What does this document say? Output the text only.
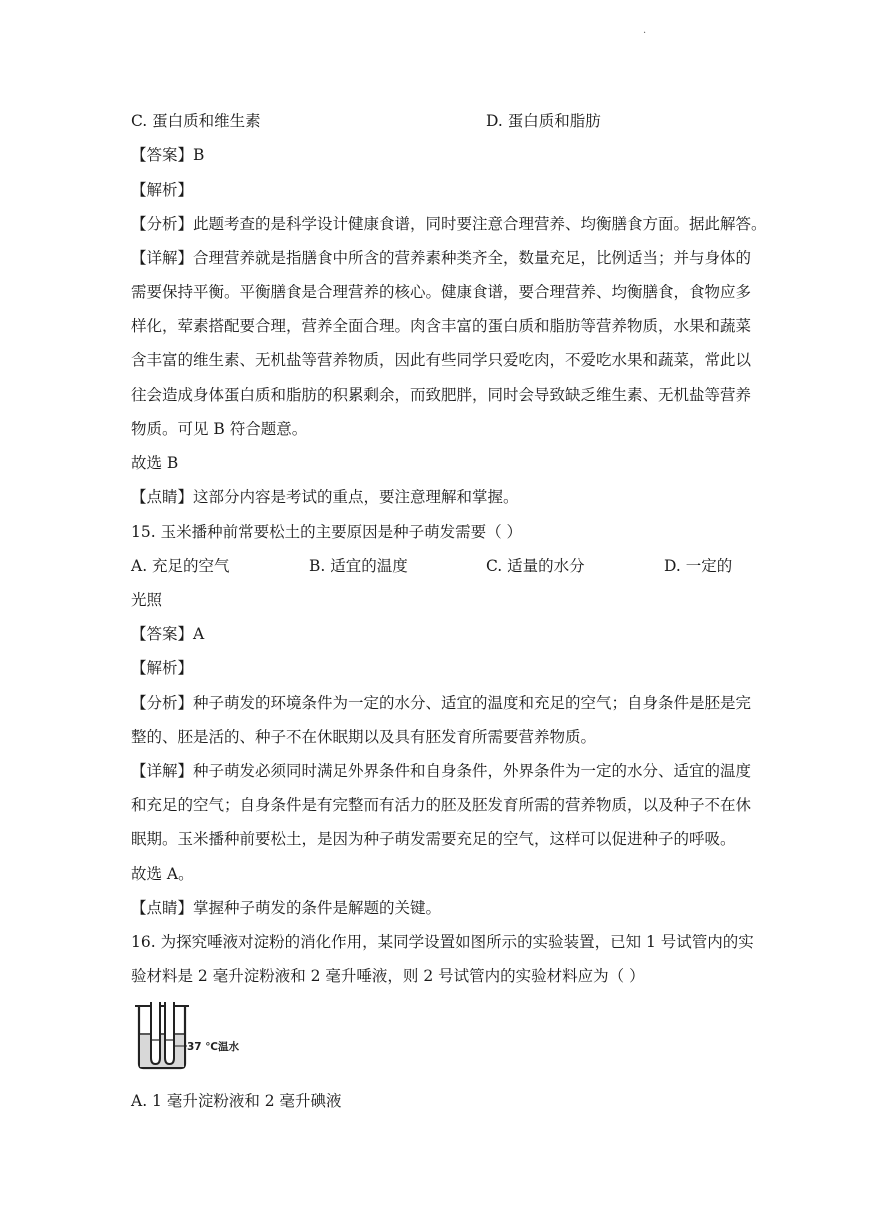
·
C. 蛋白质和维生素	D. 蛋白质和脂肪
【答案】B
【解析】
【分析】此题考查的是科学设计健康食谱，同时要注意合理营养、均衡膳食方面。据此解答。
【详解】合理营养就是指膳食中所含的营养素种类齐全，数量充足，比例适当；并与身体的
需要保持平衡。平衡膳食是合理营养的核心。健康食谱，要合理营养、均衡膳食，食物应多
样化，荤素搭配要合理，营养全面合理。肉含丰富的蛋白质和脂肪等营养物质，水果和蔬菜
含丰富的维生素、无机盐等营养物质，因此有些同学只爱吃肉，不爱吃水果和蔬菜，常此以
往会造成身体蛋白质和脂肪的积累剩余，而致肥胖，同时会导致缺乏维生素、无机盐等营养
物质。可见 B 符合题意。
故选 B
【点睛】这部分内容是考试的重点，要注意理解和掌握。
15. 玉米播种前常要松土的主要原因是种子萌发需要（ ）
A. 充足的空气	B. 适宜的温度	C. 适量的水分	D. 一定的
光照
【答案】A
【解析】
【分析】种子萌发的环境条件为一定的水分、适宜的温度和充足的空气；自身条件是胚是完
整的、胚是活的、种子不在休眠期以及具有胚发育所需要营养物质。
【详解】种子萌发必须同时满足外界条件和自身条件，外界条件为一定的水分、适宜的温度
和充足的空气；自身条件是有完整而有活力的胚及胚发育所需的营养物质，以及种子不在休
眠期。玉米播种前要松土，是因为种子萌发需要充足的空气，这样可以促进种子的呼吸。
故选 A。
【点睛】掌握种子萌发的条件是解题的关键。
16. 为探究唾液对淀粉的消化作用，某同学设置如图所示的实验装置，已知 1 号试管内的实
验材料是 2 毫升淀粉液和 2 毫升唾液，则 2 号试管内的实验材料应为（ ）
37 ℃温水
A. 1 毫升淀粉液和 2 毫升碘液
